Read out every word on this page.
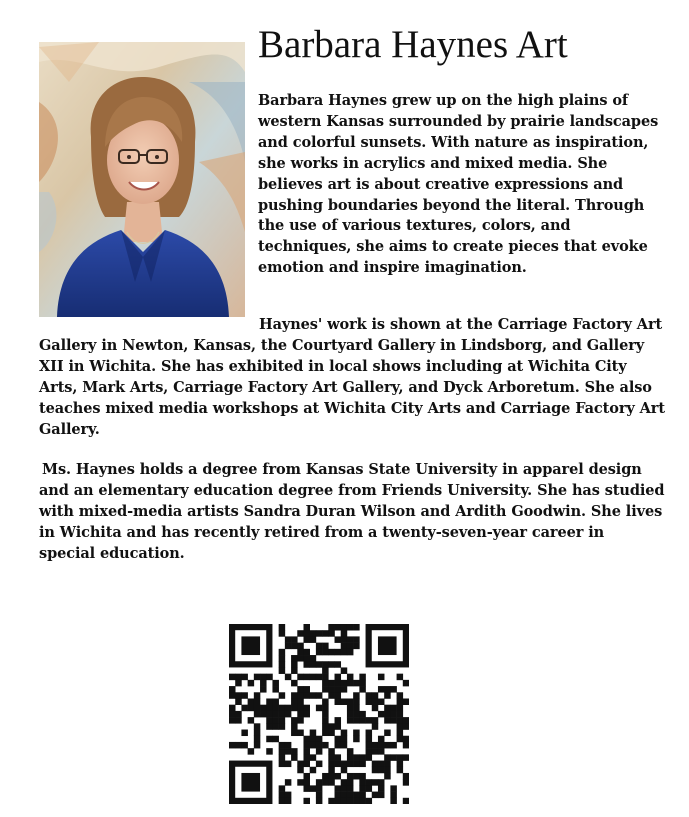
Barbara Haynes Art

Barbara Haynes grew up on the high plains of western Kansas surrounded by prairie landscapes and colorful sunsets. With nature as inspiration, she works in acrylics and mixed media. She believes art is about creative expressions and pushing boundaries beyond the literal. Through the use of various textures, colors, and techniques, she aims to create pieces that evoke emotion and inspire imagination.

Haynes' work is shown at the Carriage Factory Art Gallery in Newton, Kansas, the Courtyard Gallery in Lindsborg, and Gallery XII in Wichita. She has exhibited in local shows including at Wichita City Arts, Mark Arts, Carriage Factory Art Gallery, and Dyck Arboretum. She also teaches mixed media workshops at Wichita City Arts and Carriage Factory Art Gallery.

Ms. Haynes holds a degree from Kansas State University in apparel design and an elementary education degree from Friends University. She has studied with mixed-media artists Sandra Duran Wilson and Ardith Goodwin. She lives in Wichita and has recently retired from a twenty-seven-year career in special education.
